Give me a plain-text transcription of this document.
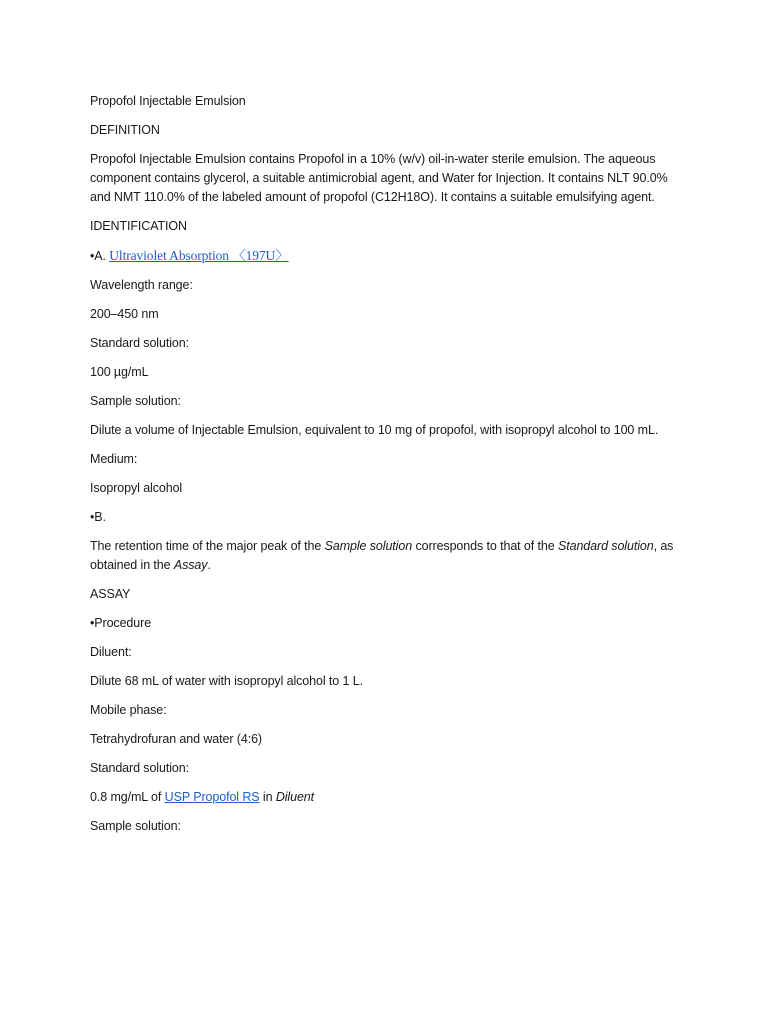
Propofol Injectable Emulsion

DEFINITION

Propofol Injectable Emulsion contains Propofol in a 10% (w/v) oil-in-water sterile emulsion. The aqueous component contains glycerol, a suitable antimicrobial agent, and Water for Injection. It contains NLT 90.0% and NMT 110.0% of the labeled amount of propofol (C12H18O). It contains a suitable emulsifying agent.

IDENTIFICATION

•A. Ultraviolet Absorption 〈197U〉

Wavelength range:

200–450 nm

Standard solution:

100 µg/mL

Sample solution:

Dilute a volume of Injectable Emulsion, equivalent to 10 mg of propofol, with isopropyl alcohol to 100 mL.

Medium:

Isopropyl alcohol

•B.

The retention time of the major peak of the Sample solution corresponds to that of the Standard solution, as obtained in the Assay.

ASSAY

•Procedure

Diluent:

Dilute 68 mL of water with isopropyl alcohol to 1 L.

Mobile phase:

Tetrahydrofuran and water (4:6)

Standard solution:

0.8 mg/mL of USP Propofol RS in Diluent

Sample solution:
